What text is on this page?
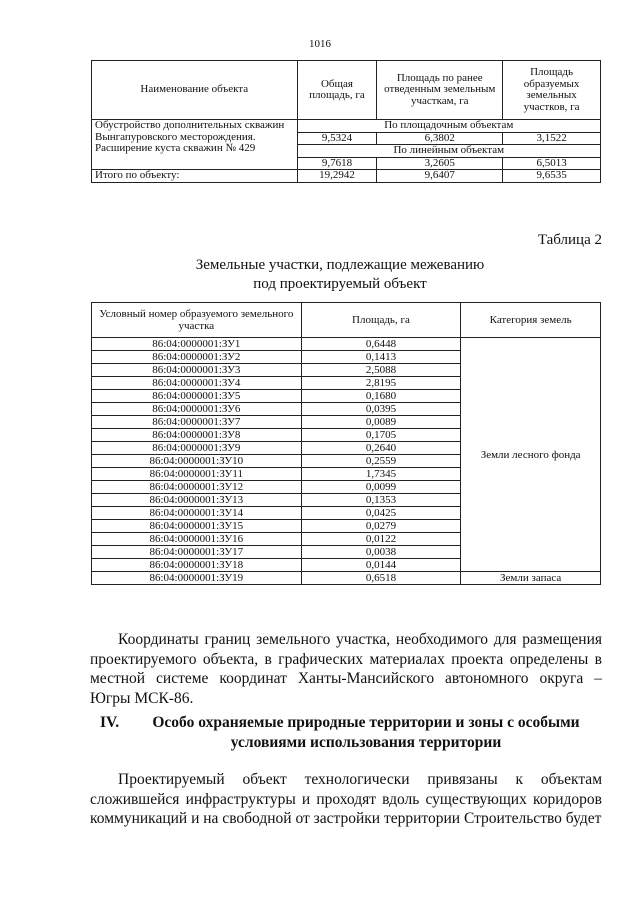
1016
Наименование объекта	Общая площадь, га	Площадь по ранее отведенным земельным участкам, га	Площадь образуемых земельных участков, га
Обустройство дополнительных скважин Вынгапуровского месторождения. Расширение куста скважин № 429	По площадочным объектам		
	9,5324	6,3802	3,1522
	По линейным объектам		
	9,7618	3,2605	6,5013
Итого по объекту:	19,2942	9,6407	9,6535
Таблица 2
Земельные участки, подлежащие межеванию
под проектируемый объект
Условный номер образуемого земельного участка	Площадь, га	Категория земель
86:04:0000001:ЗУ1	0,6448	Земли лесного фонда
86:04:0000001:ЗУ2	0,1413	
86:04:0000001:ЗУ3	2,5088	
86:04:0000001:ЗУ4	2,8195	
86:04:0000001:ЗУ5	0,1680	
86:04:0000001:ЗУ6	0,0395	
86:04:0000001:ЗУ7	0,0089	
86:04:0000001:ЗУ8	0,1705	
86:04:0000001:ЗУ9	0,2640	
86:04:0000001:ЗУ10	0,2559	
86:04:0000001:ЗУ11	1,7345	
86:04:0000001:ЗУ12	0,0099	
86:04:0000001:ЗУ13	0,1353	
86:04:0000001:ЗУ14	0,0425	
86:04:0000001:ЗУ15	0,0279	
86:04:0000001:ЗУ16	0,0122	
86:04:0000001:ЗУ17	0,0038	
86:04:0000001:ЗУ18	0,0144	
86:04:0000001:ЗУ19	0,6518	Земли запаса
Координаты границ земельного участка, необходимого для размещения проектируемого объекта, в графических материалах проекта определены в местной системе координат Ханты-Мансийского автономного округа – Югры МСК-86.
IV.	Особо охраняемые природные территории и зоны с особыми условиями использования территории
Проектируемый объект технологически привязаны к объектам сложившейся инфраструктуры и проходят вдоль существующих коридоров коммуникаций и на свободной от застройки территории Строительство будет
